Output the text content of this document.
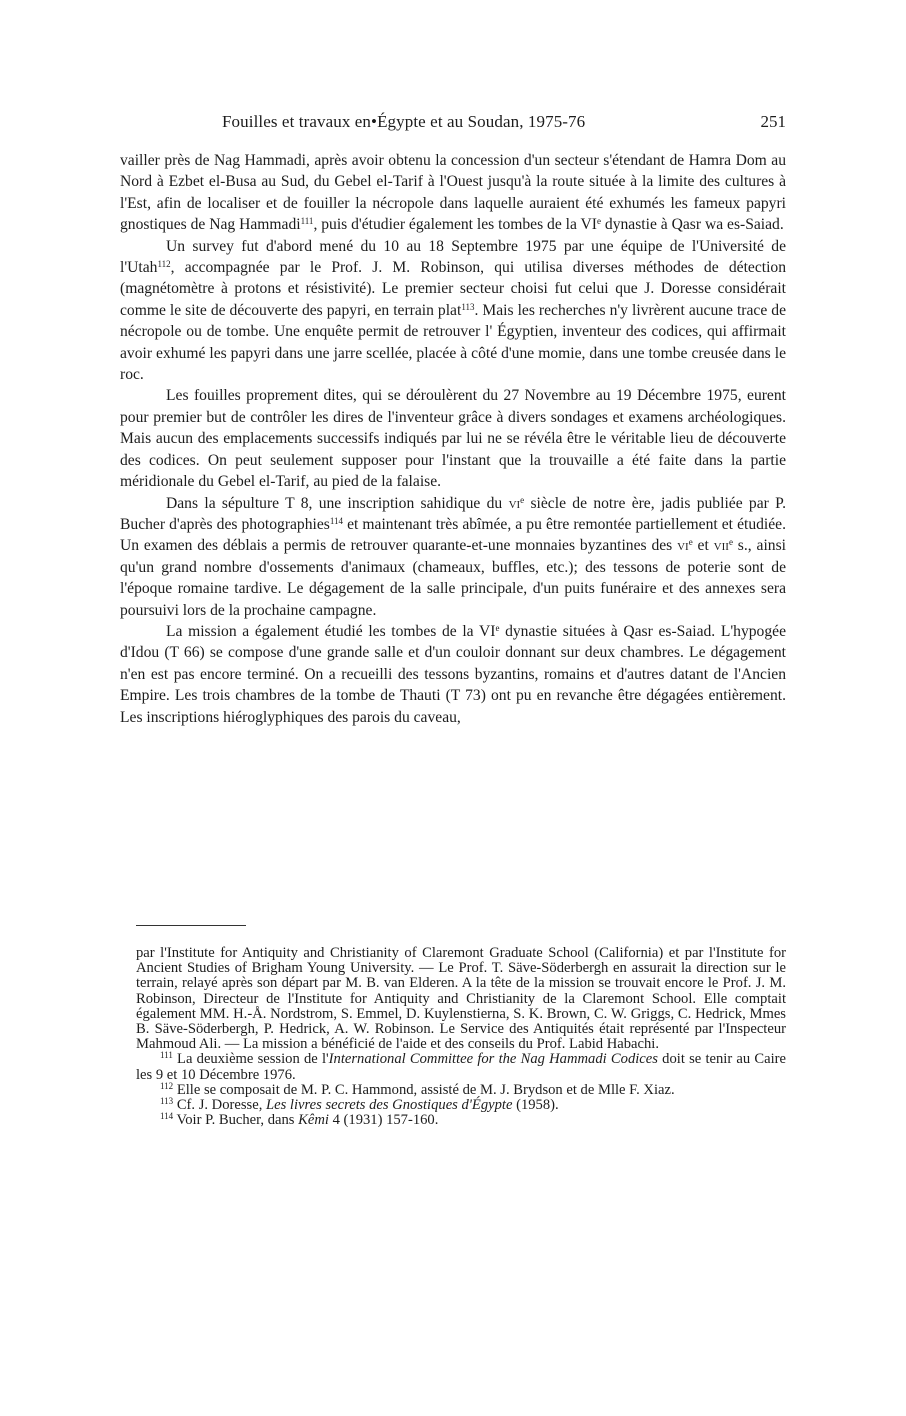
Fouilles et travaux en•Égypte et au Soudan, 1975-76	251

vailler près de Nag Hammadi, après avoir obtenu la concession d'un secteur s'étendant de Hamra Dom au Nord à Ezbet el-Busa au Sud, du Gebel el-Tarif à l'Ouest jusqu'à la route située à la limite des cultures à l'Est, afin de localiser et de fouiller la nécropole dans laquelle auraient été exhumés les fameux papyri gnostiques de Nag Hammadi$^{111}$, puis d'étudier également les tombes de la VIe dynastie à Qasr wa es-Saiad.

Un survey fut d'abord mené du 10 au 18 Septembre 1975 par une équipe de l'Université de l'Utah$^{112}$, accompagnée par le Prof. J. M. Robinson, qui utilisa diverses méthodes de détection (magnétomètre à protons et résistivité). Le premier secteur choisi fut celui que J. Doresse considérait comme le site de découverte des papyri, en terrain plat$^{113}$. Mais les recherches n'y livrèrent aucune trace de nécropole ou de tombe. Une enquête permit de retrouver l' Égyptien, inventeur des codices, qui affirmait avoir exhumé les papyri dans une jarre scellée, placée à côté d'une momie, dans une tombe creusée dans le roc.

Les fouilles proprement dites, qui se déroulèrent du 27 Novembre au 19 Décembre 1975, eurent pour premier but de contrôler les dires de l'inventeur grâce à divers sondages et examens archéologiques. Mais aucun des emplacements successifs indiqués par lui ne se révéla être le véritable lieu de découverte des codices. On peut seulement supposer pour l'instant que la trouvaille a été faite dans la partie méridionale du Gebel el-Tarif, au pied de la falaise.

Dans la sépulture T 8, une inscription sahidique du $vi^e$ siècle de notre ère, jadis publiée par P. Bucher d'après des photographies$^{114}$ et maintenant très abîmée, a pu être remontée partiellement et étudiée. Un examen des déblais a permis de retrouver quarante-et-une monnaies byzantines des $vi^e$ et vii$^e$ s., ainsi qu'un grand nombre d'ossements d'animaux (chameaux, buffles, etc.); des tessons de poterie sont de l'époque romaine tardive. Le dégagement de la salle principale, d'un puits funéraire et des annexes sera poursuivi lors de la prochaine campagne.

La mission a également étudié les tombes de la VIe dynastie situées à Qasr es-Saiad. L'hypogée d'Idou (T 66) se compose d'une grande salle et d'un couloir donnant sur deux chambres. Le dégagement n'en est pas encore terminé. On a recueilli des tessons byzantins, romains et d'autres datant de l'Ancien Empire. Les trois chambres de la tombe de Thauti (T 73) ont pu en revanche être dégagées entièrement. Les inscriptions hiéroglyphiques des parois du caveau,

par l'Institute for Antiquity and Christianity of Claremont Graduate School (California) et par l'Institute for Ancient Studies of Brigham Young University. — Le Prof. T. Säve-Söderbergh en assurait la direction sur le terrain, relayé après son départ par M. B. van Elderen. A la tête de la mission se trouvait encore le Prof. J. M. Robinson, Directeur de l'Institute for Antiquity and Christianity de la Claremont School. Elle comptait également MM. H.-Å. Nordstrom, S. Emmel, D. Kuylenstierna, S. K. Brown, C. W. Griggs, C. Hedrick, Mmes B. Säve-Söderbergh, P. Hedrick, A. W. Robinson. Le Service des Antiquités était représenté par l'Inspecteur Mahmoud Ali. — La mission a bénéficié de l'aide et des conseils du Prof. Labid Habachi.

$^{111}$ La deuxième session de l'International Committee for the Nag Hammadi Codices doit se tenir au Caire les 9 et 10 Décembre 1976.

$^{112}$ Elle se composait de M. P. C. Hammond, assisté de M. J. Brydson et de Mlle F. Xiaz.

$^{113}$ Cf. J. Doresse, Les livres secrets des Gnostiques d'Égypte (1958).

$^{114}$ Voir P. Bucher, dans Kêmi 4 (1931) 157-160.
